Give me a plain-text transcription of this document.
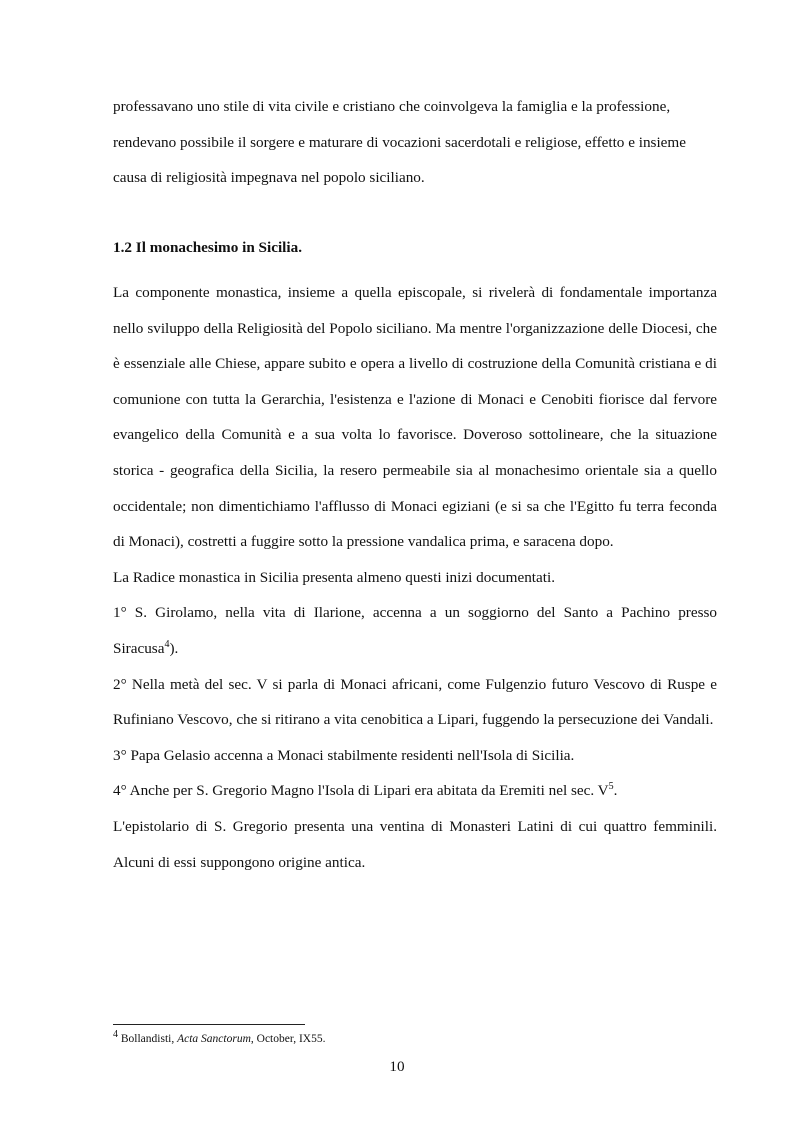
professavano uno stile di vita civile e cristiano che coinvolgeva la famiglia e la professione,

rendevano possibile il sorgere e maturare di vocazioni sacerdotali e religiose, effetto e insieme

causa di religiosità impegnava nel popolo siciliano.

1.2 Il monachesimo in Sicilia.

La componente monastica, insieme a quella episcopale, si rivelerà di fondamentale importanza nello sviluppo della Religiosità del Popolo siciliano. Ma mentre l'organizzazione delle Diocesi, che è essenziale alle Chiese, appare subito e opera a livello di costruzione della Comunità cristiana e di comunione con tutta la Gerarchia, l'esistenza e l'azione di Monaci e Cenobiti fiorisce dal fervore evangelico della Comunità e a sua volta lo favorisce. Doveroso sottolineare, che la situazione storica - geografica della Sicilia, la resero permeabile sia al monachesimo orientale sia a quello occidentale; non dimentichiamo l'afflusso di Monaci egiziani (e si sa che l'Egitto fu terra feconda di Monaci), costretti a fuggire sotto la pressione vandalica prima, e saracena dopo.

La Radice monastica in Sicilia presenta almeno questi inizi documentati.

1° S. Girolamo, nella vita di Ilarione, accenna a un soggiorno del Santo a Pachino presso Siracusa$^4$).

2° Nella metà del sec. V si parla di Monaci africani, come Fulgenzio futuro Vescovo di Ruspe e Rufiniano Vescovo, che si ritirano a vita cenobitica a Lipari, fuggendo la persecuzione dei Vandali.

3° Papa Gelasio accenna a Monaci stabilmente residenti nell'Isola di Sicilia.

4° Anche per S. Gregorio Magno l'Isola di Lipari era abitata da Eremiti nel sec. $V^5$.

L'epistolario di S. Gregorio presenta una ventina di Monasteri Latini di cui quattro femminili. Alcuni di essi suppongono origine antica.

$^4$ Bollandisti, Acta Sanctorum, October, IX55.
10
